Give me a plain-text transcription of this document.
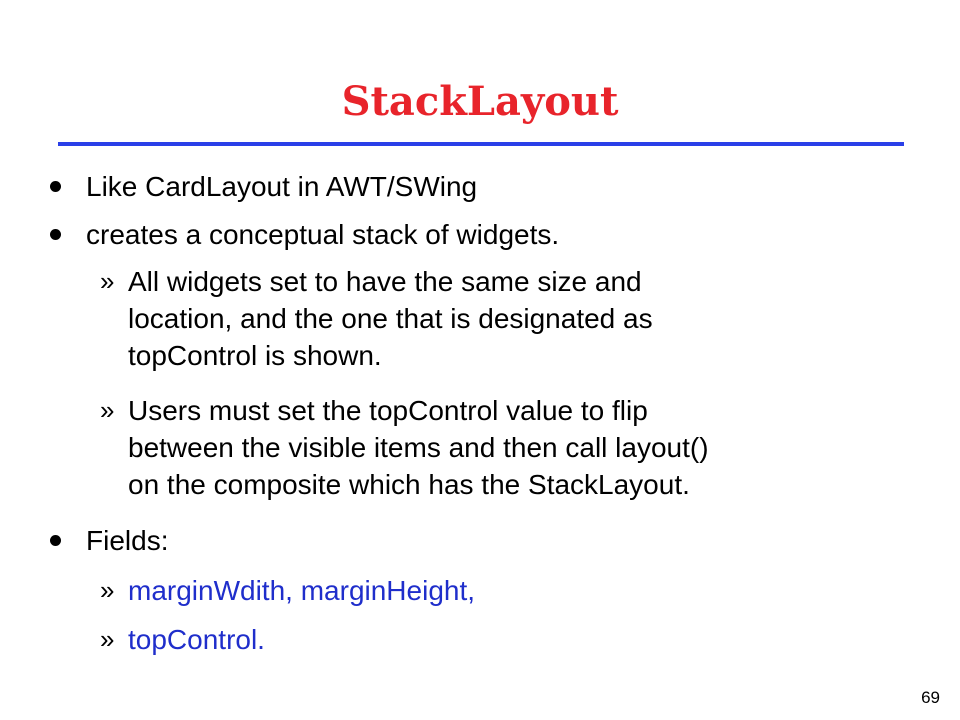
StackLayout
Like CardLayout in AWT/SWing
creates a conceptual stack of widgets.
» All widgets set to have the same size and
location, and the one that is designated as
topControl is shown.
» Users must set the topControl value to flip
between the visible items and then call layout()
on the composite which has the StackLayout.
Fields:
» marginWdith, marginHeight,
» topControl.
69
